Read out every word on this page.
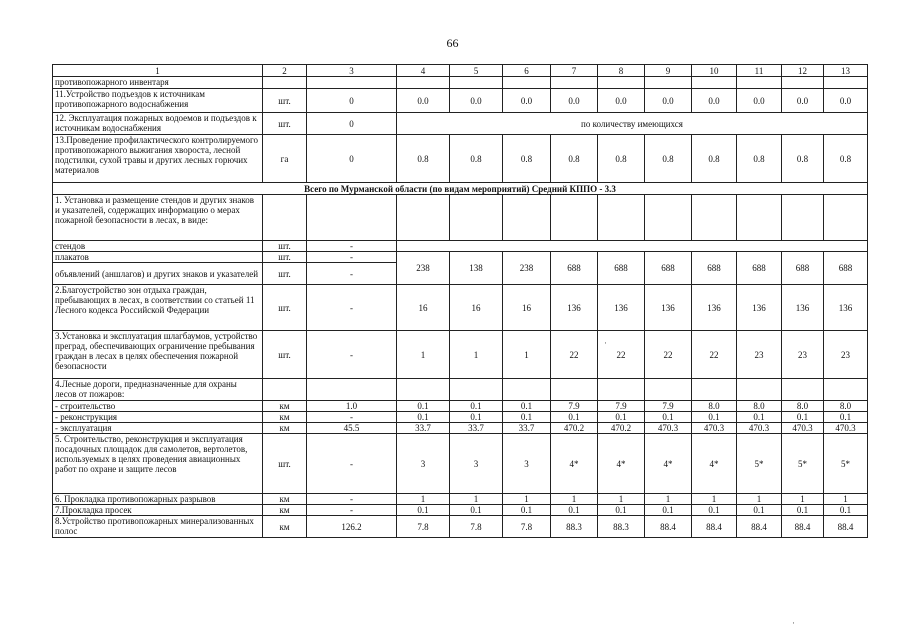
66
1	2	3	4	5	6	7	8	9	10	11	12	13
противопожарного инвентаря												
11.Устройство подъездов к источникам противопожарного водоснабжения	шт.	0	0.0	0.0	0.0	0.0	0.0	0.0	0.0	0.0	0.0	0.0
12. Эксплуатация пожарных водоемов и подъездов к источникам водоснабжения	шт.	0	по количеству имеющихся									
13.Проведение профилактического контролируемого противопожарного выжигания хвороста, лесной подстилки, сухой травы и других лесных горючих материалов	га	0	0.8	0.8	0.8	0.8	0.8	0.8	0.8	0.8	0.8	0.8
Всего по Мурманской области (по видам мероприятий) Средний КППО - 3.3												
1. Установка и размещение стендов и других знаков и указателей, содержащих информацию о мерах пожарной безопасности в лесах, в виде:												
стендов	шт.	-										
плакатов	шт.	-	238	138	238	688	688	688	688	688	688	688
объявлений (аншлагов) и других знаков и указателей	шт.	-										
2.Благоустройство зон отдыха граждан, пребывающих в лесах, в соответствии со статьей 11 Лесного кодекса Российской Федерации	шт.	-	16	16	16	136	136	136	136	136	136	136
3.Установка и эксплуатация шлагбаумов, устройство преград, обеспечивающих ограничение пребывания граждан в лесах в целях обеспечения пожарной безопасности	шт.	-	1	1	1	22	22	22	22	23	23	23
4.Лесные дороги, предназначенные для охраны лесов от пожаров:												
- строительство	км	1.0	0.1	0.1	0.1	7.9	7.9	7.9	8.0	8.0	8.0	8.0
- реконструкция	км	-	0.1	0.1	0.1	0.1	0.1	0.1	0.1	0.1	0.1	0.1
- эксплуатация	км	45.5	33.7	33.7	33.7	470.2	470.2	470.3	470.3	470.3	470.3	470.3
5. Строительство, реконструкция и эксплуатация посадочных площадок для самолетов, вертолетов, используемых в целях проведения авиационных работ по охране и защите лесов	шт.	-	3	3	3	4*	4*	4*	4*	5*	5*	5*
6. Прокладка противопожарных разрывов	км	-	1	1	1	1	1	1	1	1	1	1
7.Прокладка просек	км	-	0.1	0.1	0.1	0.1	0.1	0.1	0.1	0.1	0.1	0.1
8.Устройство противопожарных минерализованных полос	км	126.2	7.8	7.8	7.8	88.3	88.3	88.4	88.4	88.4	88.4	88.4
·
·
